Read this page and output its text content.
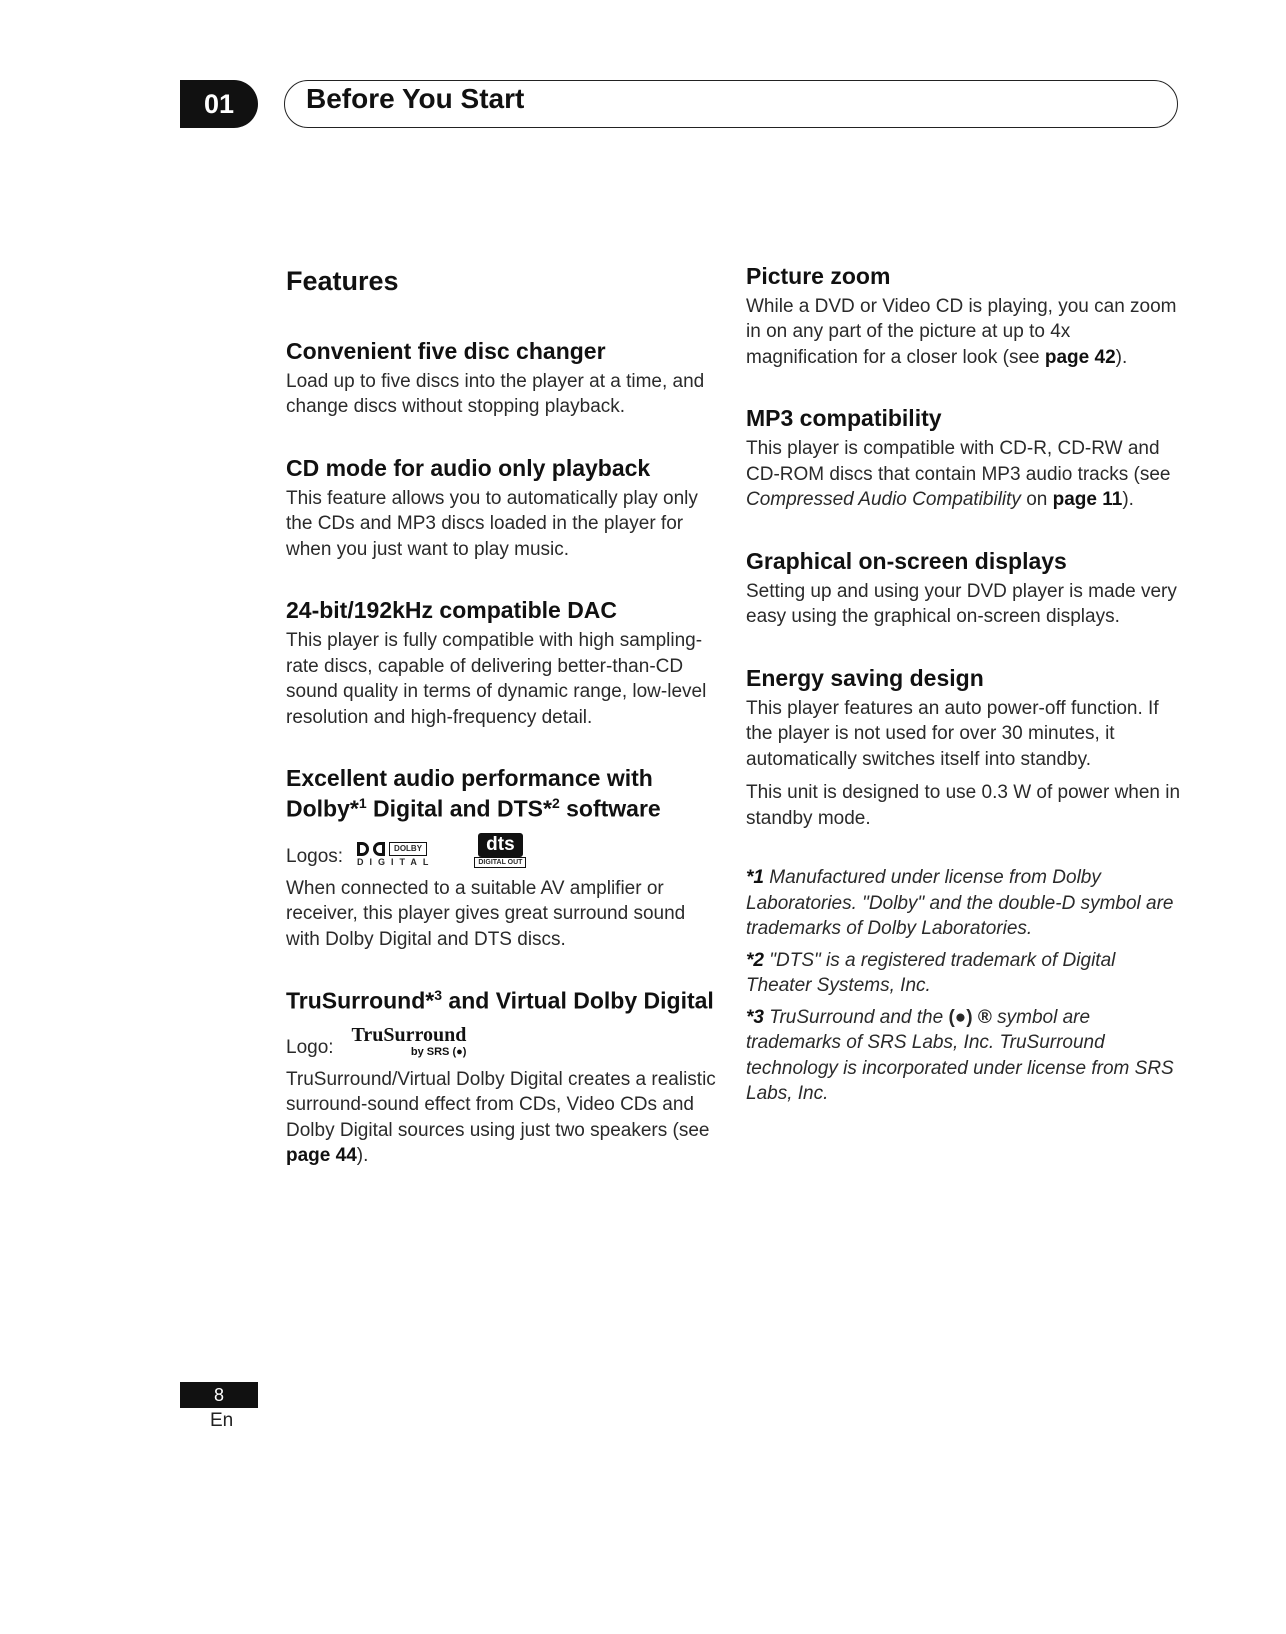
01	Before You Start
Features
Convenient five disc changer

Load up to five discs into the player at a time, and change discs without stopping playback.

CD mode for audio only playback

This feature allows you to automatically play only the CDs and MP3 discs loaded in the player for when you just want to play music.

24-bit/192kHz compatible DAC

This player is fully compatible with high sampling-rate discs, capable of delivering better-than-CD sound quality in terms of dynamic range, low-level resolution and high-frequency detail.

Excellent audio performance with
Dolby*$^1$ Digital and DTS*$^2$ software
Logos:	DOLBY
DIGITAL
dts
DIGITAL OUT

When connected to a suitable AV amplifier or receiver, this player gives great surround sound with Dolby Digital and DTS discs.

TruSurround*$^3$ and Virtual Dolby Digital
Logo:
TruSurround
by SRS (●)

TruSurround/Virtual Dolby Digital creates a realistic surround-sound effect from CDs, Video CDs and Dolby Digital sources using just two speakers (see page 44).

Picture zoom

While a DVD or Video CD is playing, you can zoom in on any part of the picture at up to 4x magnification for a closer look (see page 42).

MP3 compatibility

This player is compatible with CD-R, CD-RW and CD-ROM discs that contain MP3 audio tracks (see Compressed Audio Compatibility on page 11).

Graphical on-screen displays

Setting up and using your DVD player is made very easy using the graphical on-screen displays.

Energy saving design

This player features an auto power-off function. If the player is not used for over 30 minutes, it automatically switches itself into standby.

This unit is designed to use 0.3 W of power when in standby mode.

*1 Manufactured under license from Dolby Laboratories. "Dolby" and the double-D symbol are trademarks of Dolby Laboratories.
*2 "DTS" is a registered trademark of Digital Theater Systems, Inc.
*3 TruSurround and the (●) ® symbol are trademarks of SRS Labs, Inc. TruSurround technology is incorporated under license from SRS Labs, Inc.
8
En
